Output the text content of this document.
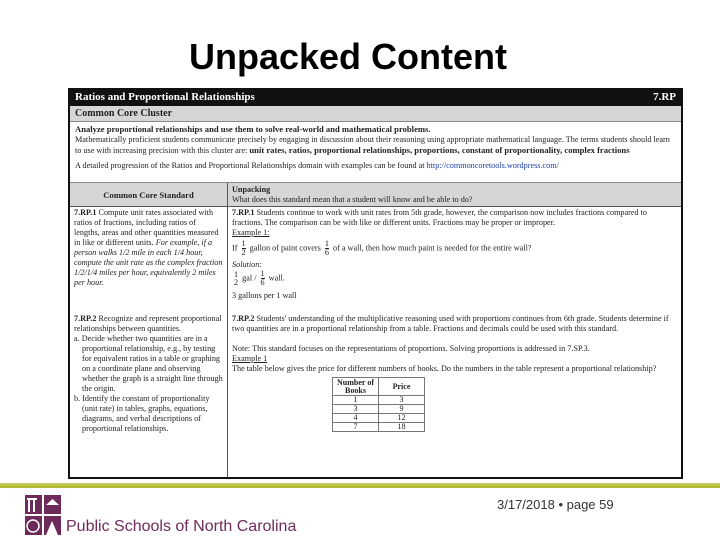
Unpacked Content
Ratios and Proportional Relationships	7.RP
Common Core Cluster
Analyze proportional relationships and use them to solve real-world and mathematical problems.
Mathematically proficient students communicate precisely by engaging in discussion about their reasoning using appropriate mathematical language. The terms students should learn to use with increasing precision with this cluster are: unit rates, ratios, proportional relationships, proportions, constant of proportionality, complex fractions
A detailed progression of the Ratios and Proportional Relationships domain with examples can be found at http://commoncoretools.wordpress.com/
Common Core Standard
Unpacking
What does this standard mean that a student will know and be able to do?
7.RP.1 Compute unit rates associated with ratios of fractions, including ratios of lengths, areas and other quantities measured in like or different units. For example, if a person walks 1/2 mile in each 1/4 hour, compute the unit rate as the complex fraction 1/2/1/4 miles per hour, equivalently 2 miles per hour.
7.RP.1 Students continue to work with unit rates from 5th grade, however, the comparison now includes fractions compared to fractions. The comparison can be with like or different units. Fractions may be proper or improper.
Example 1:
If $\frac{1}{2}$ gallon of paint covers $\frac{1}{6}$ of a wall, then how much paint is needed for the entire wall?
Solution:
1
2 gal / $\frac{1}{6}$ wall.
3 gallons per 1 wall
7.RP.2 Recognize and represent proportional relationships between quantities.
a. Decide whether two quantities are in a proportional relationship, e.g., by testing for equivalent ratios in a table or graphing on a coordinate plane and observing whether the graph is a straight line through the origin.
b. Identify the constant of proportionality (unit rate) in tables, graphs, equations, diagrams, and verbal descriptions of proportional relationships.
7.RP.2 Students' understanding of the multiplicative reasoning used with proportions continues from 6th grade. Students determine if two quantities are in a proportional relationship from a table. Fractions and decimals could be used with this standard.
Note: This standard focuses on the representations of proportions. Solving proportions is addressed in 7.SP.3.
Example 1
The table below gives the price for different numbers of books. Do the numbers in the table represent a proportional relationship?
Number of Books	Price
1	3
3	9
4	12
7	18
Public Schools of North Carolina
3/17/2018 • page 59
